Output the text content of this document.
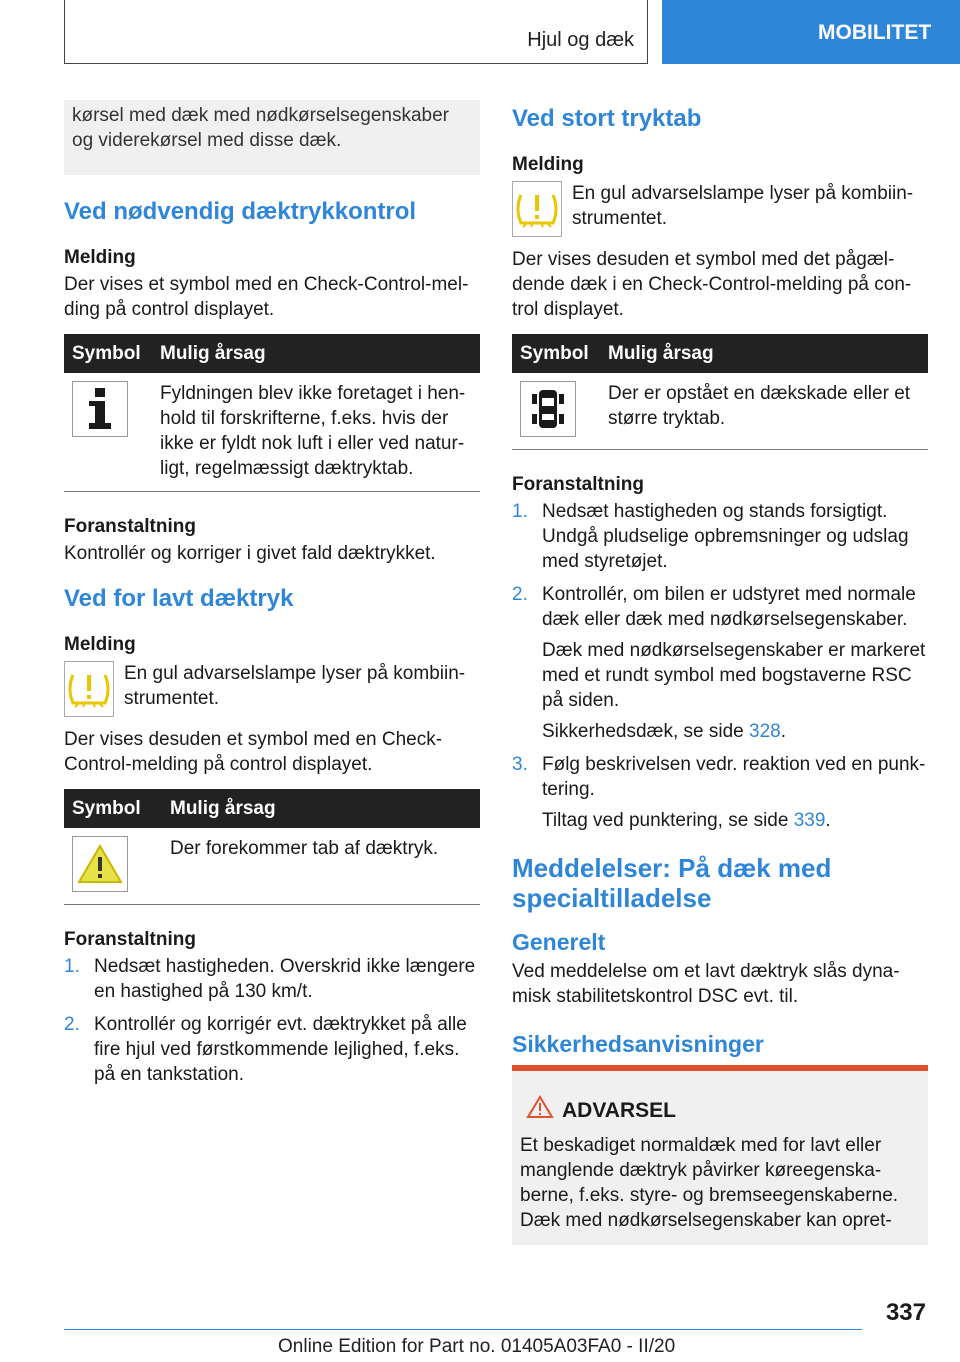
Hjul og dæk	MOBILITET
kørsel med dæk med nødkørselsegenskaber og viderekørsel med disse dæk.
Ved nødvendig dæktrykkontrol
Melding

Der vises et symbol med en Check-Control-melding på control displayet.

Symbol	Mulig årsag

	Fyldningen blev ikke foretaget i henhold til forskrifterne, f.eks. hvis der ikke er fyldt nok luft i eller ved naturligt, regelmæssigt dæktryktab.
Foranstaltning

Kontrollér og korriger i givet fald dæktrykket.

Ved for lavt dæktryk
Melding
En gul advarselslampe lyser på kombiinstrumentet.

Der vises desuden et symbol med en Check-Control-melding på control displayet.

Symbol	Mulig årsag

	Der forekommer tab af dæktryk.
Foranstaltning
1. Nedsæt hastigheden. Overskrid ikke længere en hastighed på 130 km/t.
2. Kontrollér og korrigér evt. dæktrykket på alle fire hjul ved førstkommende lejlighed, f.eks. på en tankstation.
Ved stort tryktab
Melding
En gul advarselslampe lyser på kombiinstrumentet.

Der vises desuden et symbol med det pågældende dæk i en Check-Control-melding på control displayet.

Symbol	Mulig årsag

	Der er opstået en dækskade eller et større tryktab.
Foranstaltning
1. Nedsæt hastigheden og stands forsigtigt. Undgå pludselige opbremsninger og udslag med styretøjet.
2. Kontrollér, om bilen er udstyret med normale dæk eller dæk med nødkørselsegenskaber.

Dæk med nødkørselsegenskaber er markeret med et rundt symbol med bogstaverne RSC på siden.

Sikkerhedsdæk, se side 328.

3. Følg beskrivelsen vedr. reaktion ved en punktering.

Tiltag ved punktering, se side 339.

Meddelelser: På dæk med specialtilladelse
Generelt

Ved meddelelse om et lavt dæktryk slås dynamisk stabilitetskontrol DSC evt. til.

Sikkerhedsanvisninger
ADVARSEL

Et beskadiget normaldæk med for lavt eller manglende dæktryk påvirker køreegenskaberne, f.eks. styre- og bremseegenskaberne. Dæk med nødkørselsegenskaber kan opret-

337
Online Edition for Part no. 01405A03FA0 - II/20
